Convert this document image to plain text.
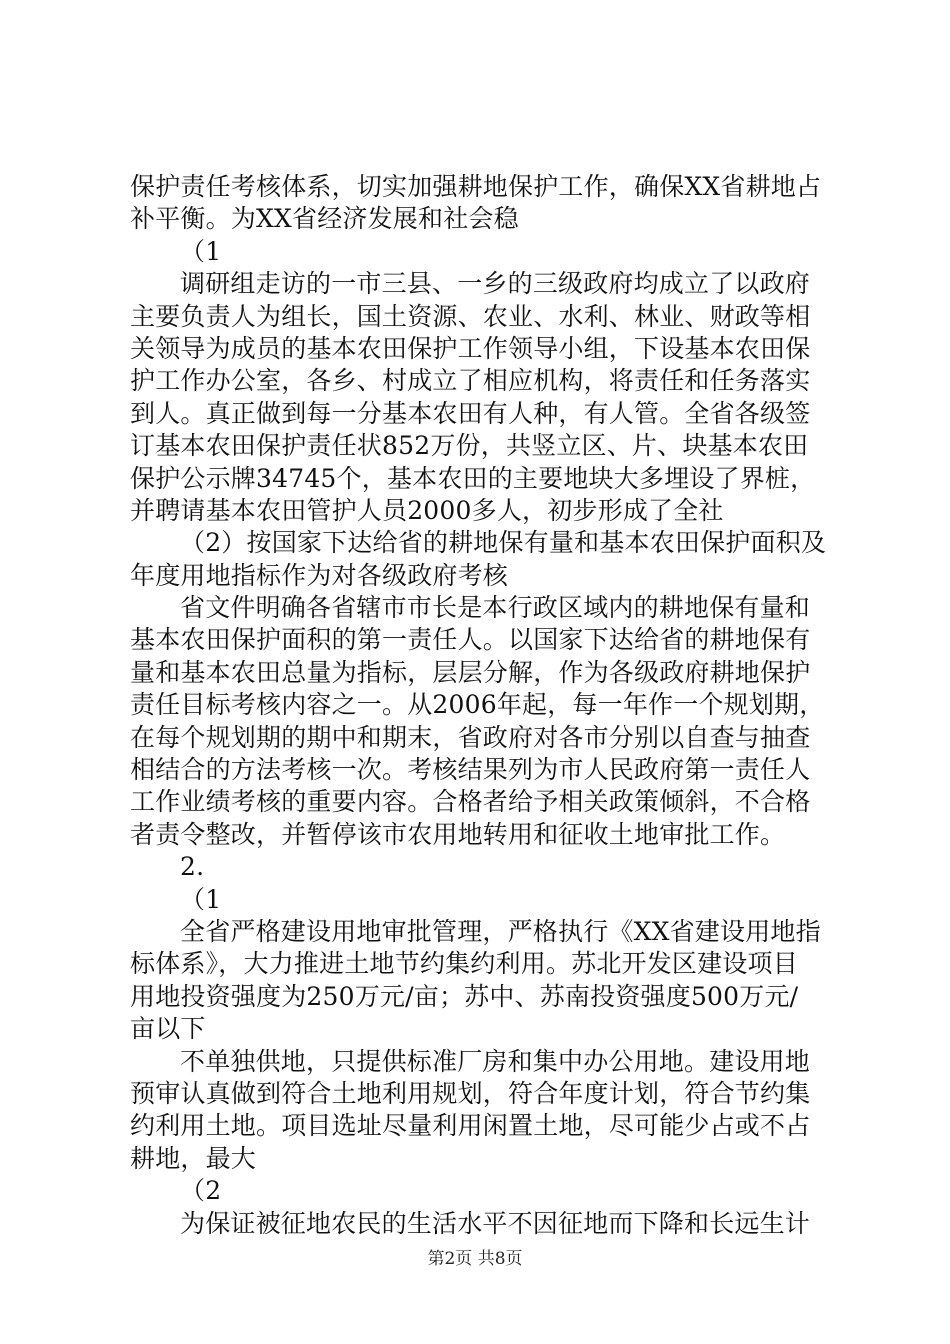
保护责任考核体系，切实加强耕地保护工作，确保XX省耕地占
补平衡。为XX省经济发展和社会稳
（1
调研组走访的一市三县、一乡的三级政府均成立了以政府
主要负责人为组长，国土资源、农业、水利、林业、财政等相
关领导为成员的基本农田保护工作领导小组，下设基本农田保
护工作办公室，各乡、村成立了相应机构，将责任和任务落实
到人。真正做到每一分基本农田有人种，有人管。全省各级签
订基本农田保护责任状852万份，共竖立区、片、块基本农田
保护公示牌34745个，基本农田的主要地块大多埋设了界桩，
并聘请基本农田管护人员2000多人，初步形成了全社
（2）按国家下达给省的耕地保有量和基本农田保护面积及
年度用地指标作为对各级政府考核
省文件明确各省辖市市长是本行政区域内的耕地保有量和
基本农田保护面积的第一责任人。以国家下达给省的耕地保有
量和基本农田总量为指标，层层分解，作为各级政府耕地保护
责任目标考核内容之一。从2006年起，每一年作一个规划期，
在每个规划期的期中和期末，省政府对各市分别以自查与抽查
相结合的方法考核一次。考核结果列为市人民政府第一责任人
工作业绩考核的重要内容。合格者给予相关政策倾斜，不合格
者责令整改，并暂停该市农用地转用和征收土地审批工作。
2.
（1
全省严格建设用地审批管理，严格执行《XX省建设用地指
标体系》，大力推进土地节约集约利用。苏北开发区建设项目
用地投资强度为250万元/亩；苏中、苏南投资强度500万元/
亩以下
不单独供地，只提供标准厂房和集中办公用地。建设用地
预审认真做到符合土地利用规划，符合年度计划，符合节约集
约利用土地。项目选址尽量利用闲置土地，尽可能少占或不占
耕地，最大
（2
为保证被征地农民的生活水平不因征地而下降和长远生计
第2页 共8页
